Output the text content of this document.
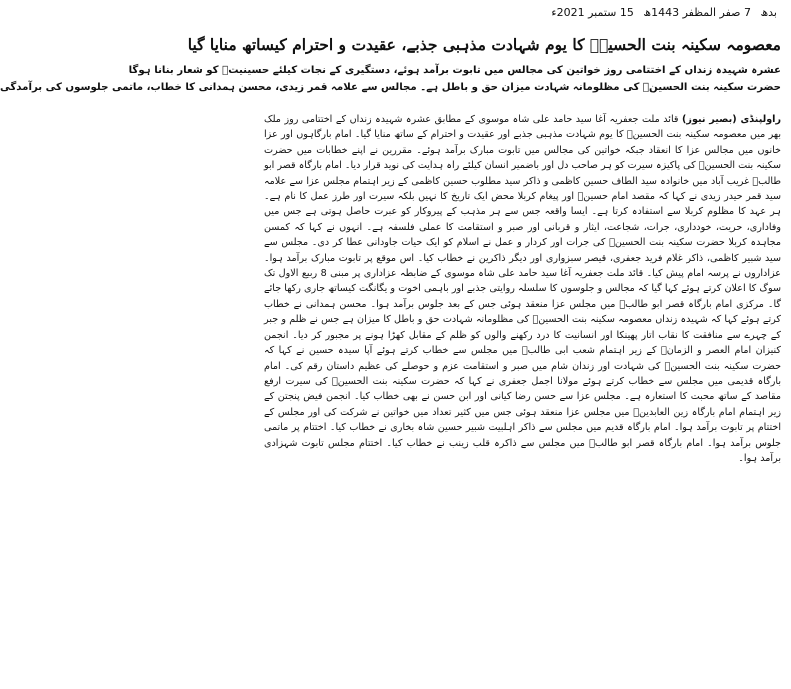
بدھ 7 صفر المظفر 1443ھ 15 ستمبر 2021ء
معصومہ سکینہ بنت الحسینؑ کا یوم شہادت مذہبی جذبے، عقیدت و احترام کیساتھ منایا گیا
عشرہ شہیدہ زنداں کے اختتامی روز خواتین کی مجالس میں تابوت برآمد ہوئے، دستگیری کے نجات کیلئے حسینیتؑ کو شعار بنانا ہوگا
حضرت سکینہ بنت الحسینؑ کی مظلومانہ شہادت میزان حق و باطل ہے۔ مجالس سے علامہ قمر زیدی، محسن ہمدانی کا خطاب، ماتمی جلوسوں کی برآمدگی

راولپنڈی (بصیر نیوز) قائد ملت جعفریہ آغا سید حامد علی شاہ موسوی کے مطابق عشرہ شہیدہ زنداں کے اختتامی روز ملک بھر میں معصومہ سکینہ بنت الحسینؑ کا یوم شہادت مذہبی جذبے اور عقیدت و احترام کے ساتھ منایا گیا۔ امام بارگاہوں اور عزا خانوں میں مجالس عزا کا انعقاد جبکہ خواتین کی مجالس میں تابوت مبارک برآمد ہوئے۔ مقررین نے اپنے خطابات میں حضرت سکینہ بنت الحسینؑ کی پاکیزہ سیرت کو ہر صاحب دل اور باضمیر انسان کیلئے راہ ہدایت کی نوید قرار دیا۔ امام بارگاہ قصر ابو طالبؑ غریب آباد میں خانوادہ سید الطاف حسین کاظمی و ذاکر سید مطلوب حسین کاظمی کے زیر اہتمام مجلس عزا سے علامہ سید قمر حیدر زیدی نے کہا کہ مقصد امام حسینؑ اور پیغام کربلا محض ایک تاریخ کا نہیں بلکہ سیرت اور طرز عمل کا نام ہے۔ ہر عہد کا مظلوم کربلا سے استفادہ کرتا ہے۔ ایسا واقعہ جس سے ہر مذہب کے پیروکار کو عبرت حاصل ہوتی ہے جس میں وفاداری، حریت، خودداری، جرات، شجاعت، ایثار و قربانی اور صبر و استقامت کا عملی فلسفہ ہے۔ انہوں نے کہا کہ کمسن مجاہدہ کربلا حضرت سکینہ بنت الحسینؑ کی جرات اور کردار و عمل نے اسلام کو ایک حیات جاودانی عطا کر دی۔ مجلس سے سید شبیر کاظمی، ذاکر غلام فرید جعفری، قیصر سبزواری اور دیگر ذاکرین نے خطاب کیا۔ اس موقع پر تابوت مبارک برآمد ہوا۔ عزاداروں نے پرسہ امام پیش کیا۔ قائد ملت جعفریہ آغا سید حامد علی شاہ موسوی کے ضابطہ عزاداری پر مبنی 8 ربیع الاول تک سوگ کا اعلان کرتے ہوئے کہا گیا کہ مجالس و جلوسوں کا سلسلہ روایتی جذبے اور باہمی اخوت و یگانگت کیساتھ جاری رکھا جائے گا۔ مرکزی امام بارگاہ قصر ابو طالبؑ میں مجلس عزا منعقد ہوئی جس کے بعد جلوس برآمد ہوا۔ محسن ہمدانی نے خطاب کرتے ہوئے کہا کہ شہیدہ زنداں معصومہ سکینہ بنت الحسینؑ کی مظلومانہ شہادت حق و باطل کا میزان ہے جس نے ظلم و جبر کے چہرے سے منافقت کا نقاب اتار پھینکا اور انسانیت کا درد رکھنے والوں کو ظلم کے مقابل کھڑا ہونے پر مجبور کر دیا۔ انجمن کنیزان امام العصر و الزمانؑ کے زیر اہتمام شعب ابی طالبؑ میں مجلس سے خطاب کرتے ہوئے آپا سیدہ حسین نے کہا کہ حضرت سکینہ بنت الحسینؑ کی شہادت اور زندان شام میں صبر و استقامت عزم و حوصلے کی عظیم داستان رقم کی۔ امام بارگاہ قدیمی میں مجلس سے خطاب کرتے ہوئے مولانا اجمل جعفری نے کہا کہ حضرت سکینہ بنت الحسینؑ کی سیرت ارفع مقاصد کے ساتھ محبت کا استعارہ ہے۔ مجلس عزا سے حسن رضا کیانی اور ابن حسن نے بھی خطاب کیا۔ انجمن فیض پنجتن کے زیر اہتمام امام بارگاہ زین العابدینؑ میں مجلس عزا منعقد ہوئی جس میں کثیر تعداد میں خواتین نے شرکت کی اور مجلس کے اختتام پر تابوت برآمد ہوا۔ امام بارگاہ قدیم میں مجلس سے ذاکر اہلبیت شبیر حسین شاہ بخاری نے خطاب کیا۔ اختتام پر ماتمی جلوس برآمد ہوا۔ امام بارگاہ قصر ابو طالبؑ میں مجلس سے ذاکرہ قلب زینب نے خطاب کیا۔ اختتام مجلس تابوت شہزادی برآمد ہوا۔
